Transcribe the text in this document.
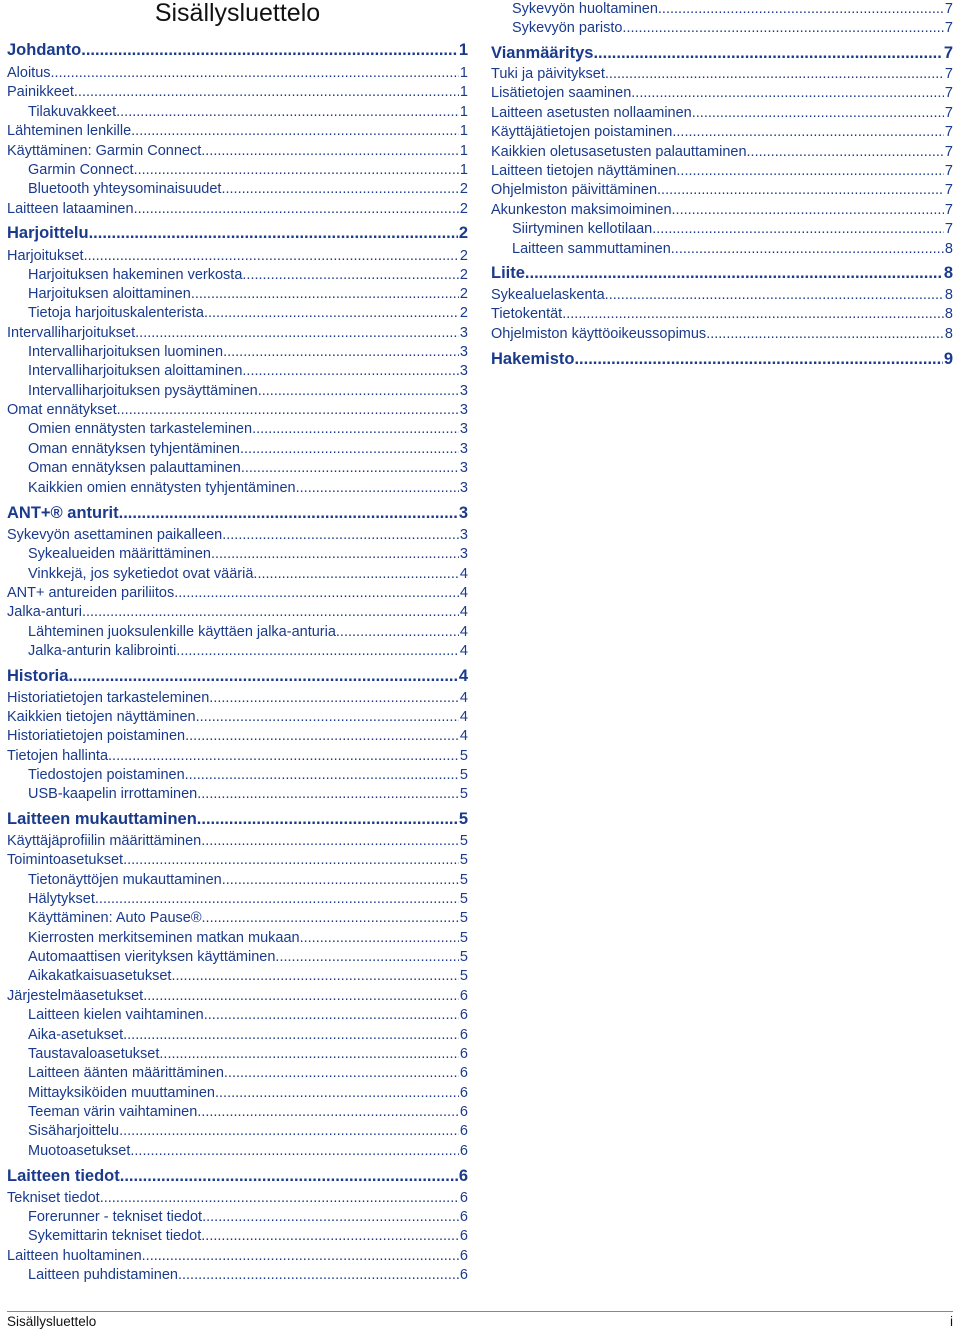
Sisällysluettelo
Johdanto .....	1
Aloitus .....	1
Painikkeet .....	1
Tilakuvakkeet .....	1
Lähteminen lenkille .....	1
Käyttäminen: Garmin Connect .....	1
Garmin Connect .....	1
Bluetooth yhteysominaisuudet .....	2
Laitteen lataaminen .....	2
Harjoittelu .....	2
Harjoitukset .....	2
Harjoituksen hakeminen verkosta .....	2
Harjoituksen aloittaminen .....	2
Tietoja harjoituskalenterista .....	2
Intervalliharjoitukset .....	3
Intervalliharjoituksen luominen .....	3
Intervalliharjoituksen aloittaminen .....	3
Intervalliharjoituksen pysäyttäminen .....	3
Omat ennätykset .....	3
Omien ennätysten tarkasteleminen .....	3
Oman ennätyksen tyhjentäminen .....	3
Oman ennätyksen palauttaminen .....	3
Kaikkien omien ennätysten tyhjentäminen .....	3
ANT+® anturit .....	3
Sykevyön asettaminen paikalleen .....	3
Sykealueiden määrittäminen .....	3
Vinkkejä, jos syketiedot ovat vääriä .....	4
ANT+ antureiden pariliitos .....	4
Jalka-anturi .....	4
Lähteminen juoksulenkille käyttäen jalka-anturia .....	4
Jalka-anturin kalibrointi .....	4
Historia .....	4
Historiatietojen tarkasteleminen .....	4
Kaikkien tietojen näyttäminen .....	4
Historiatietojen poistaminen .....	4
Tietojen hallinta .....	5
Tiedostojen poistaminen .....	5
USB-kaapelin irrottaminen .....	5
Laitteen mukauttaminen .....	5
Käyttäjäprofiilin määrittäminen .....	5
Toimintoasetukset .....	5
Tietonäyttöjen mukauttaminen .....	5
Hälytykset .....	5
Käyttäminen: Auto Pause® .....	5
Kierrosten merkitseminen matkan mukaan .....	5
Automaattisen vierityksen käyttäminen .....	5
Aikakatkaisuasetukset .....	5
Järjestelmäasetukset .....	6
Laitteen kielen vaihtaminen .....	6
Aika-asetukset .....	6
Taustavaloasetukset .....	6
Laitteen äänten määrittäminen .....	6
Mittayksiköiden muuttaminen .....	6
Teeman värin vaihtaminen .....	6
Sisäharjoittelu .....	6
Muotoasetukset .....	6
Laitteen tiedot .....	6
Tekniset tiedot .....	6
Forerunner - tekniset tiedot .....	6
Sykemittarin tekniset tiedot .....	6
Laitteen huoltaminen .....	6
Laitteen puhdistaminen .....	6
Sykevyön huoltaminen .....	7
Sykevyön paristo .....	7
Vianmääritys .....	7
Tuki ja päivitykset .....	7
Lisätietojen saaminen .....	7
Laitteen asetusten nollaaminen .....	7
Käyttäjätietojen poistaminen .....	7
Kaikkien oletusasetusten palauttaminen .....	7
Laitteen tietojen näyttäminen .....	7
Ohjelmiston päivittäminen .....	7
Akunkeston maksimoiminen .....	7
Siirtyminen kellotilaan .....	7
Laitteen sammuttaminen .....	8
Liite .....	8
Sykealuelaskenta .....	8
Tietokentät .....	8
Ohjelmiston käyttöoikeussopimus .....	8
Hakemisto .....	9
Sisällysluettelo	i
